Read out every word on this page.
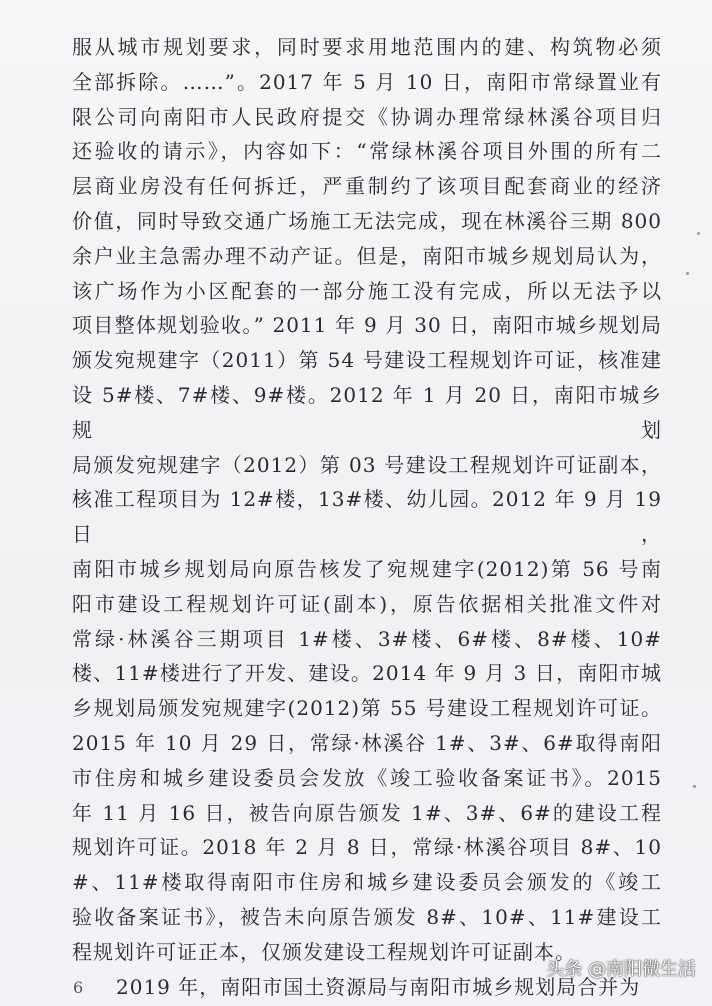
服从城市规划要求，同时要求用地范围内的建、构筑物必须
全部拆除。……”。2017 年 5 月 10 日，南阳市常绿置业有
限公司向南阳市人民政府提交《协调办理常绿林溪谷项目归
还验收的请示》，内容如下：“常绿林溪谷项目外围的所有二
层商业房没有任何拆迁，严重制约了该项目配套商业的经济
价值，同时导致交通广场施工无法完成，现在林溪谷三期 800
余户业主急需办理不动产证。但是，南阳市城乡规划局认为，
该广场作为小区配套的一部分施工没有完成，所以无法予以
项目整体规划验收。” 2011 年 9 月 30 日，南阳市城乡规划局
颁发宛规建字（2011）第 54 号建设工程规划许可证，核准建
设 5#楼、7#楼、9#楼。2012 年 1 月 20 日，南阳市城乡规划
局颁发宛规建字（2012）第 03 号建设工程规划许可证副本，
核准工程项目为 12#楼，13#楼、幼儿园。2012 年 9 月 19 日，
南阳市城乡规划局向原告核发了宛规建字(2012)第 56 号南
阳市建设工程规划许可证(副本)，原告依据相关批准文件对
常绿·林溪谷三期项目 1#楼、3#楼、6#楼、8#楼、10#
楼、11#楼进行了开发、建设。2014 年 9 月 3 日，南阳市城
乡规划局颁发宛规建字(2012)第 55 号建设工程规划许可证。
2015 年 10 月 29 日，常绿·林溪谷 1#、3#、6#取得南阳
市住房和城乡建设委员会发放《竣工验收备案证书》。2015
年 11 月 16 日，被告向原告颁发 1#、3#、6#的建设工程
规划许可证。2018 年 2 月 8 日，常绿·林溪谷项目 8#、10
#、11#楼取得南阳市住房和城乡建设委员会颁发的《竣工
验收备案证书》，被告未向原告颁发 8#、10#、11#建设工
程规划许可证正本，仅颁发建设工程规划许可证副本。
2019 年，南阳市国土资源局与南阳市城乡规划局合并为
6
头条 @南阳微生活
